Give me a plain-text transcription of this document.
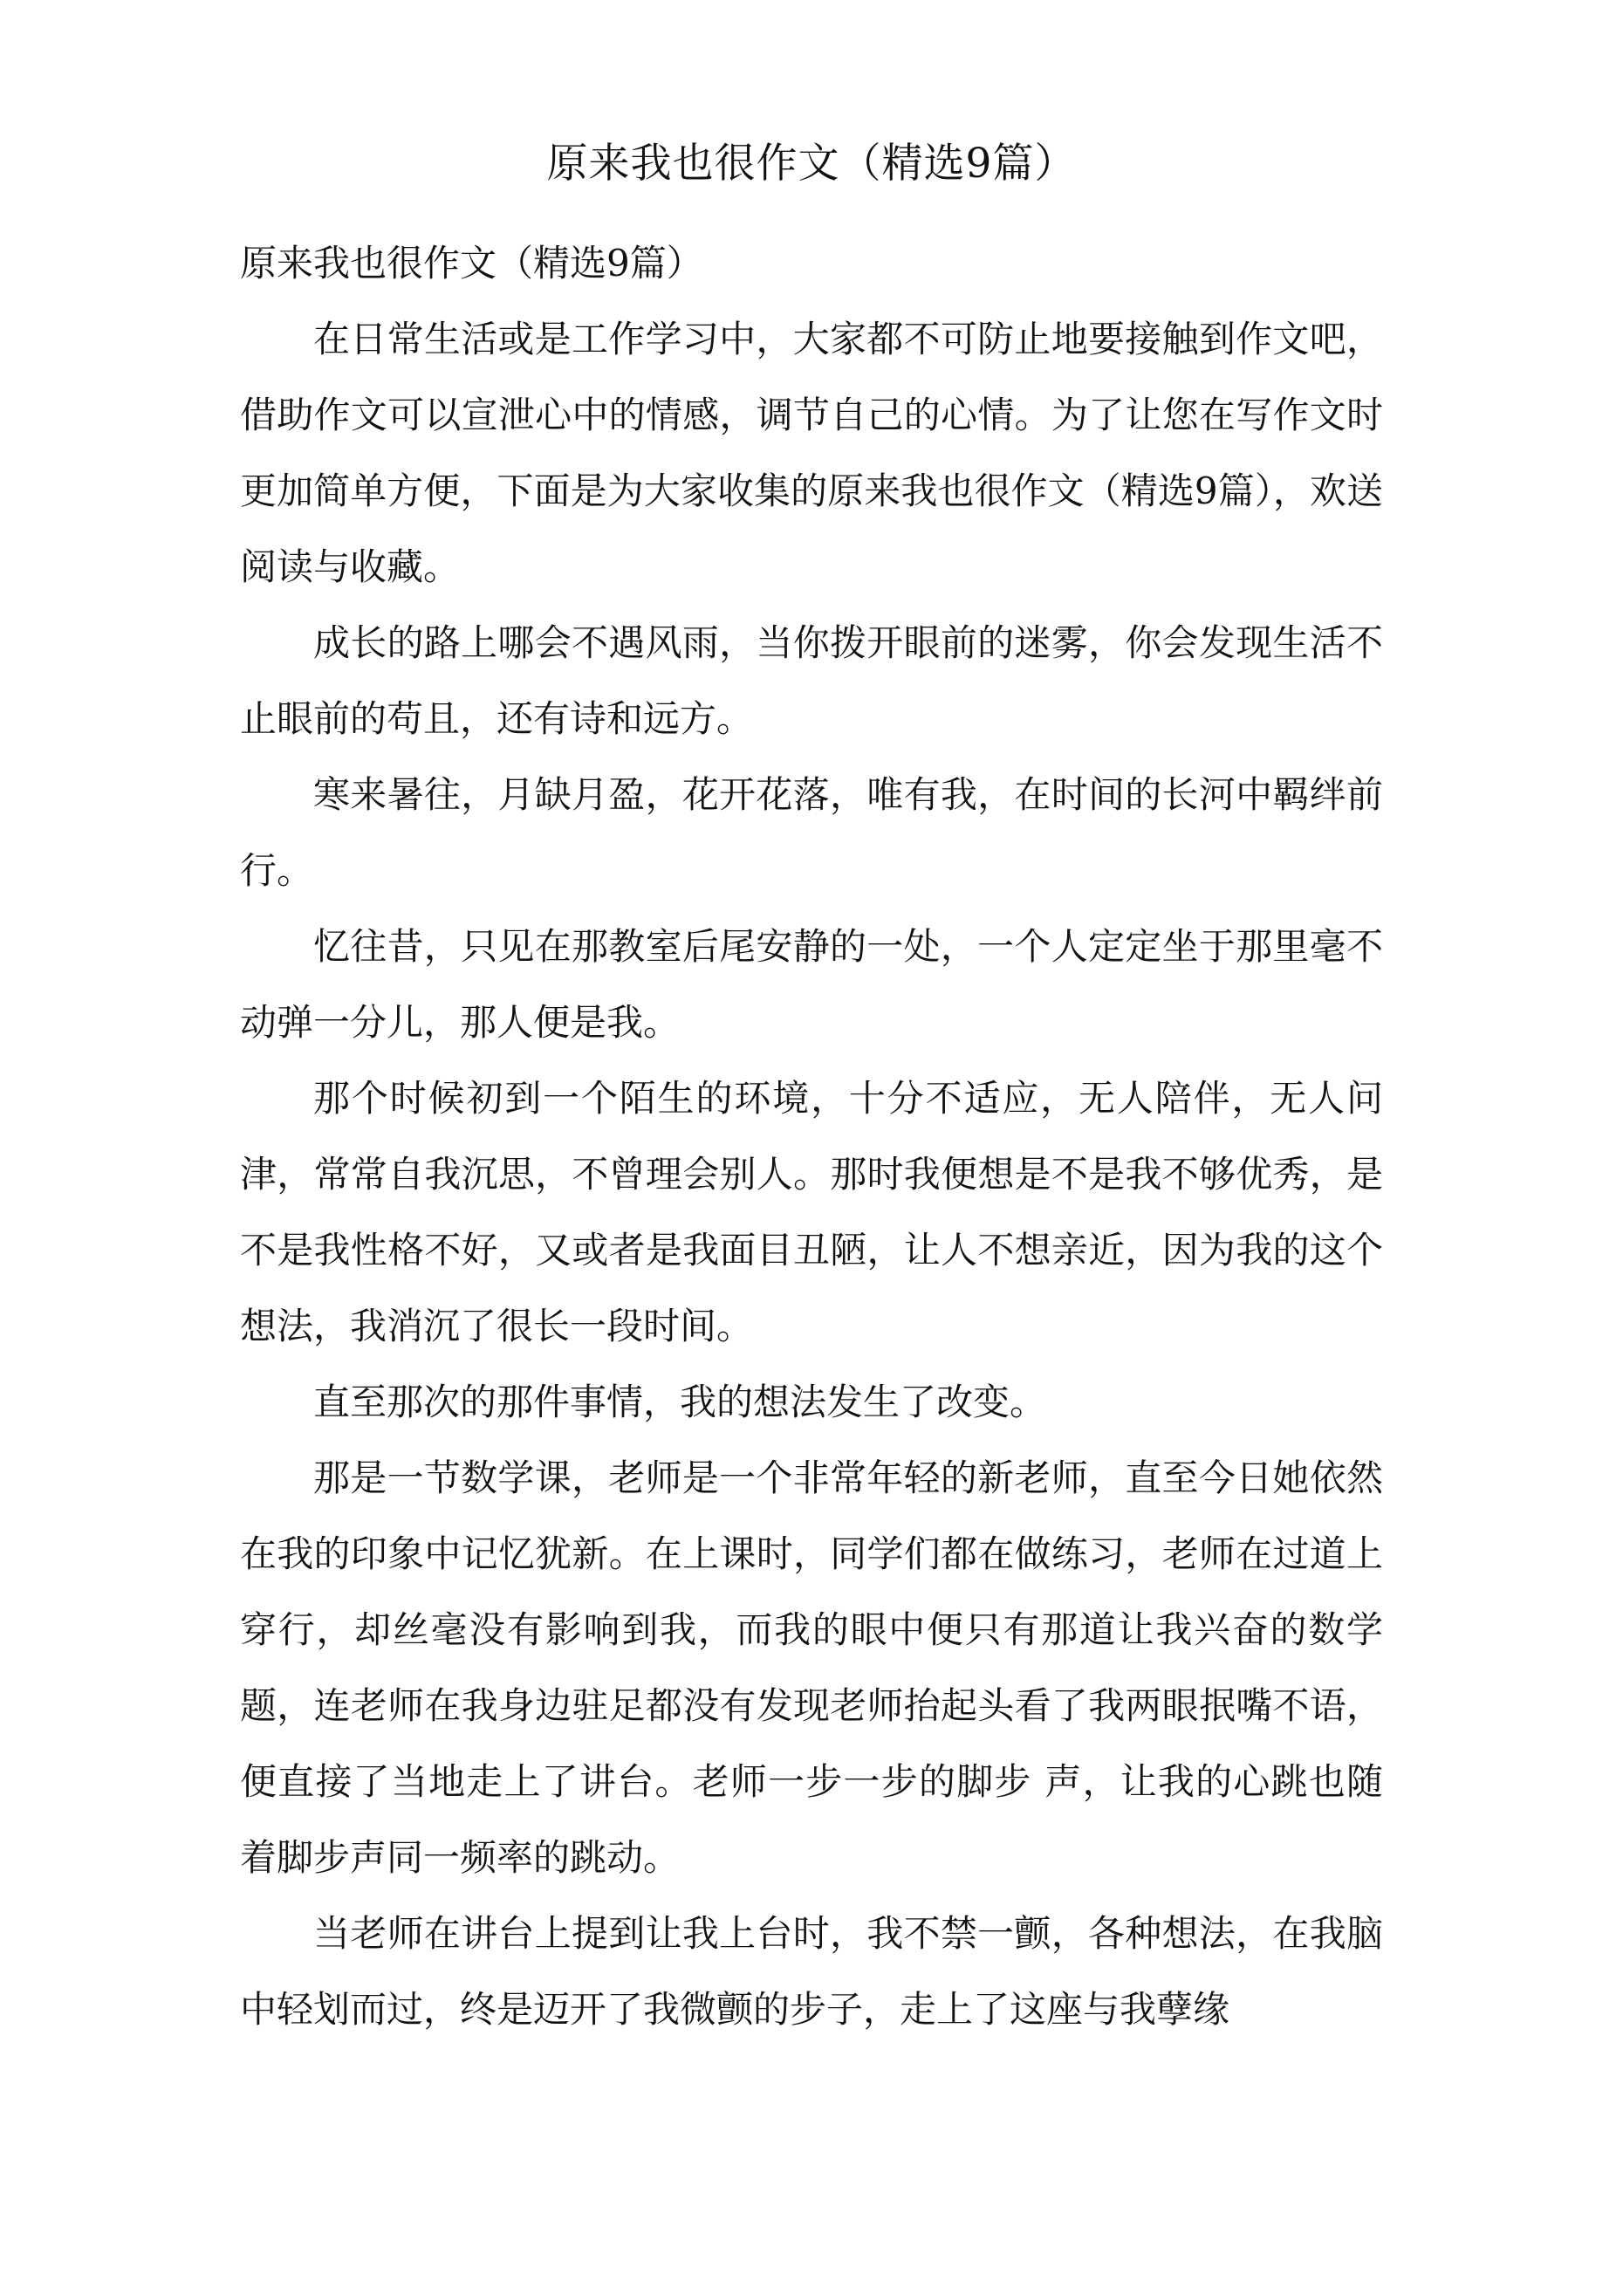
原来我也很作文（精选9篇）

原来我也很作文（精选9篇）

在日常生活或是工作学习中，大家都不可防止地要接触到作文吧，借助作文可以宣泄心中的情感，调节自己的心情。为了让您在写作文时更加简单方便，下面是为大家收集的原来我也很作文（精选9篇），欢送阅读与收藏。

成长的路上哪会不遇风雨，当你拨开眼前的迷雾，你会发现生活不止眼前的苟且，还有诗和远方。

寒来暑往，月缺月盈，花开花落，唯有我，在时间的长河中羁绊前行。

忆往昔，只见在那教室后尾安静的一处，一个人定定坐于那里毫不动弹一分儿，那人便是我。

那个时候初到一个陌生的环境，十分不适应，无人陪伴，无人问津，常常自我沉思，不曾理会别人。那时我便想是不是我不够优秀，是不是我性格不好，又或者是我面目丑陋，让人不想亲近，因为我的这个想法，我消沉了很长一段时间。

直至那次的那件事情，我的想法发生了改变。

那是一节数学课，老师是一个非常年轻的新老师，直至今日她依然在我的印象中记忆犹新。在上课时，同学们都在做练习，老师在过道上穿行，却丝毫没有影响到我，而我的眼中便只有那道让我兴奋的数学题，连老师在我身边驻足都没有发现老师抬起头看了我两眼抿嘴不语，便直接了当地走上了讲台。老师一步一步的脚步 声，让我的心跳也随着脚步声同一频率的跳动。

当老师在讲台上提到让我上台时，我不禁一颤，各种想法，在我脑中轻划而过，终是迈开了我微颤的步子，走上了这座与我孽缘
